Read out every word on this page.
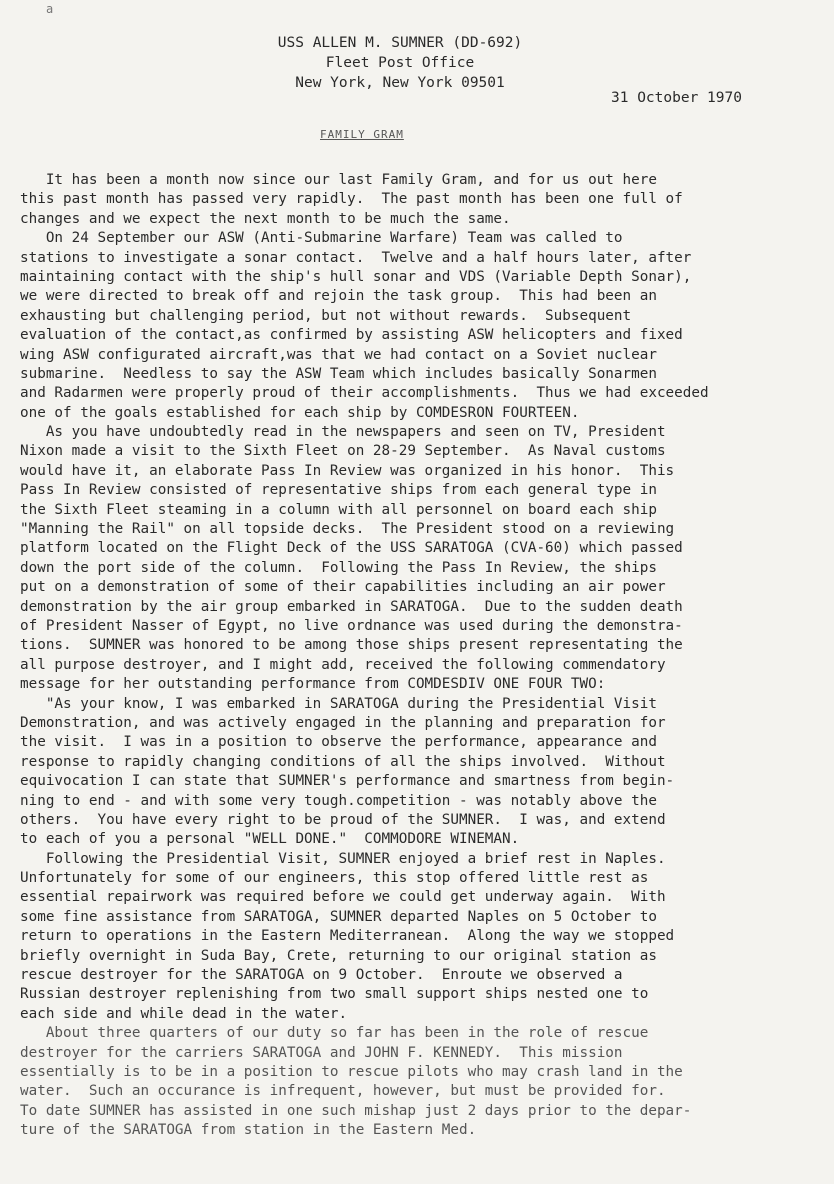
a
USS ALLEN M. SUMNER (DD-692)
Fleet Post Office
New York, New York 09501
31 October 1970
FAMILY GRAM
It has been a month now since our last Family Gram, and for us out here
this past month has passed very rapidly.  The past month has been one full of
changes and we expect the next month to be much the same.
On 24 September our ASW (Anti-Submarine Warfare) Team was called to
stations to investigate a sonar contact.  Twelve and a half hours later, after
maintaining contact with the ship's hull sonar and VDS (Variable Depth Sonar),
we were directed to break off and rejoin the task group.  This had been an
exhausting but challenging period, but not without rewards.  Subsequent
evaluation of the contact,as confirmed by assisting ASW helicopters and fixed
wing ASW configurated aircraft,was that we had contact on a Soviet nuclear
submarine.  Needless to say the ASW Team which includes basically Sonarmen
and Radarmen were properly proud of their accomplishments.  Thus we had exceeded
one of the goals established for each ship by COMDESRON FOURTEEN.
As you have undoubtedly read in the newspapers and seen on TV, President
Nixon made a visit to the Sixth Fleet on 28-29 September.  As Naval customs
would have it, an elaborate Pass In Review was organized in his honor.  This
Pass In Review consisted of representative ships from each general type in
the Sixth Fleet steaming in a column with all personnel on board each ship
"Manning the Rail" on all topside decks.  The President stood on a reviewing
platform located on the Flight Deck of the USS SARATOGA (CVA-60) which passed
down the port side of the column.  Following the Pass In Review, the ships
put on a demonstration of some of their capabilities including an air power
demonstration by the air group embarked in SARATOGA.  Due to the sudden death
of President Nasser of Egypt, no live ordnance was used during the demonstra-
tions.  SUMNER was honored to be among those ships present representating the
all purpose destroyer, and I might add, received the following commendatory
message for her outstanding performance from COMDESDIV ONE FOUR TWO:
"As your know, I was embarked in SARATOGA during the Presidential Visit
Demonstration, and was actively engaged in the planning and preparation for
the visit.  I was in a position to observe the performance, appearance and
response to rapidly changing conditions of all the ships involved.  Without
equivocation I can state that SUMNER's performance and smartness from begin-
ning to end - and with some very tough.competition - was notably above the
others.  You have every right to be proud of the SUMNER.  I was, and extend
to each of you a personal "WELL DONE."  COMMODORE WINEMAN.
Following the Presidential Visit, SUMNER enjoyed a brief rest in Naples.
Unfortunately for some of our engineers, this stop offered little rest as
essential repairwork was required before we could get underway again.  With
some fine assistance from SARATOGA, SUMNER departed Naples on 5 October to
return to operations in the Eastern Mediterranean.  Along the way we stopped
briefly overnight in Suda Bay, Crete, returning to our original station as
rescue destroyer for the SARATOGA on 9 October.  Enroute we observed a
Russian destroyer replenishing from two small support ships nested one to
each side and while dead in the water.
About three quarters of our duty so far has been in the role of rescue
destroyer for the carriers SARATOGA and JOHN F. KENNEDY.  This mission
essentially is to be in a position to rescue pilots who may crash land in the
water.  Such an occurance is infrequent, however, but must be provided for.
To date SUMNER has assisted in one such mishap just 2 days prior to the depar-
ture of the SARATOGA from station in the Eastern Med.
